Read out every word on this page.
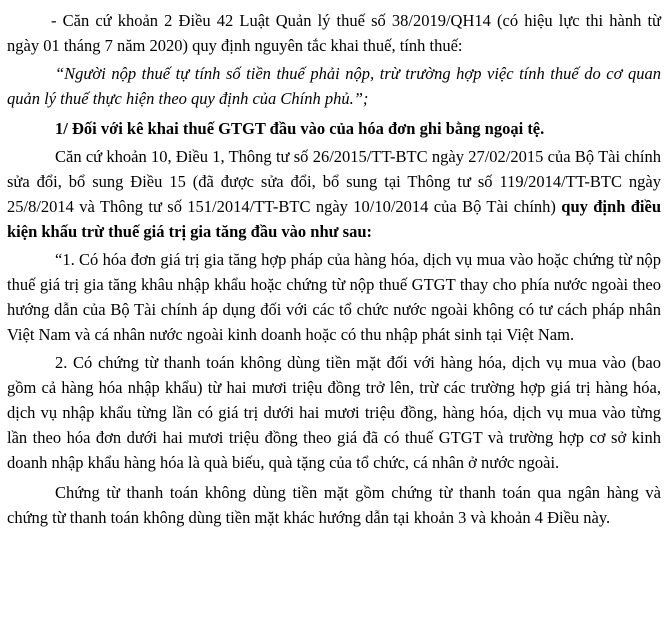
- Căn cứ khoản 2 Điều 42 Luật Quản lý thuế số 38/2019/QH14 (có hiệu lực thi hành từ ngày 01 tháng 7 năm 2020) quy định nguyên tắc khai thuế, tính thuế:

“Người nộp thuế tự tính số tiền thuế phải nộp, trừ trường hợp việc tính thuế do cơ quan quản lý thuế thực hiện theo quy định của Chính phủ.”;

1/ Đối với kê khai thuế GTGT đầu vào của hóa đơn ghi bằng ngoại tệ.

Căn cứ khoản 10, Điều 1, Thông tư số 26/2015/TT-BTC ngày 27/02/2015 của Bộ Tài chính sửa đổi, bổ sung Điều 15 (đã được sửa đổi, bổ sung tại Thông tư số 119/2014/TT-BTC ngày 25/8/2014 và Thông tư số 151/2014/TT-BTC ngày 10/10/2014 của Bộ Tài chính) quy định điều kiện khấu trừ thuế giá trị gia tăng đầu vào như sau:

“1. Có hóa đơn giá trị gia tăng hợp pháp của hàng hóa, dịch vụ mua vào hoặc chứng từ nộp thuế giá trị gia tăng khâu nhập khẩu hoặc chứng từ nộp thuế GTGT thay cho phía nước ngoài theo hướng dẫn của Bộ Tài chính áp dụng đối với các tổ chức nước ngoài không có tư cách pháp nhân Việt Nam và cá nhân nước ngoài kinh doanh hoặc có thu nhập phát sinh tại Việt Nam.

2. Có chứng từ thanh toán không dùng tiền mặt đối với hàng hóa, dịch vụ mua vào (bao gồm cả hàng hóa nhập khẩu) từ hai mươi triệu đồng trở lên, trừ các trường hợp giá trị hàng hóa, dịch vụ nhập khẩu từng lần có giá trị dưới hai mươi triệu đồng, hàng hóa, dịch vụ mua vào từng lần theo hóa đơn dưới hai mươi triệu đồng theo giá đã có thuế GTGT và trường hợp cơ sở kinh doanh nhập khẩu hàng hóa là quà biếu, quà tặng của tổ chức, cá nhân ở nước ngoài.

Chứng từ thanh toán không dùng tiền mặt gồm chứng từ thanh toán qua ngân hàng và chứng từ thanh toán không dùng tiền mặt khác hướng dẫn tại khoản 3 và khoản 4 Điều này.
